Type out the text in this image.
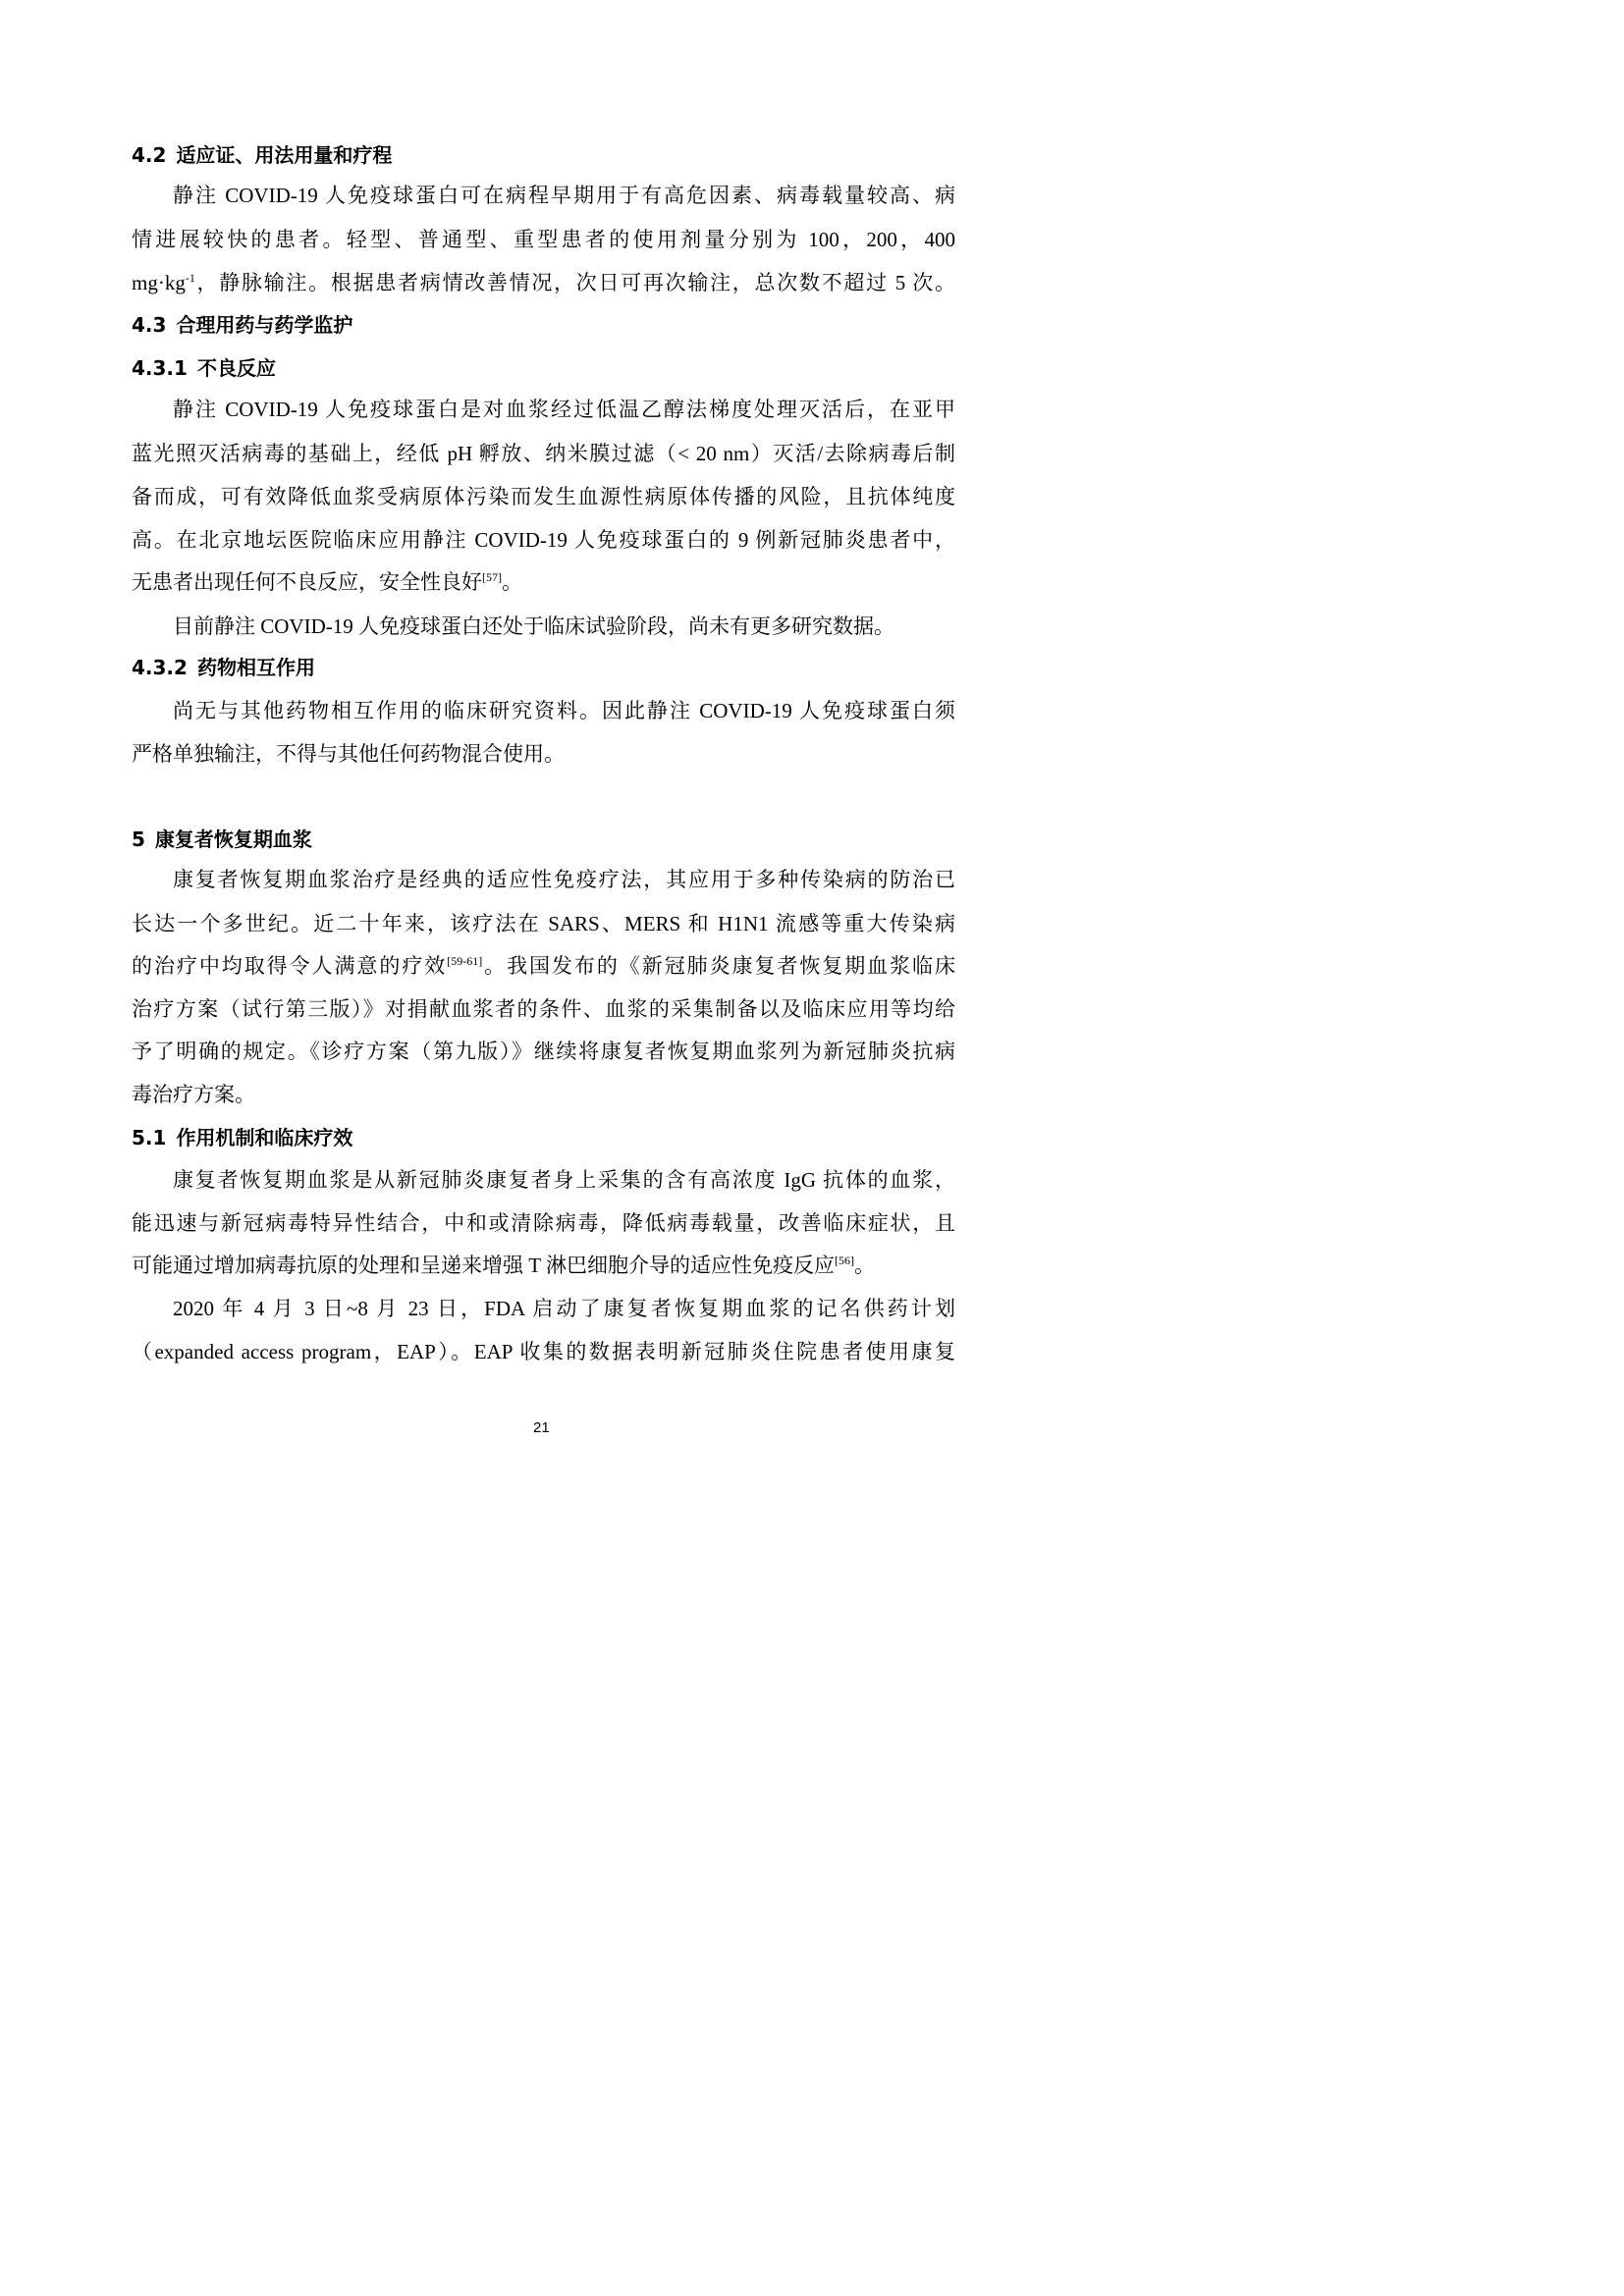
4.2 适应证、用法用量和疗程
静注 COVID-19 人免疫球蛋白可在病程早期用于有高危因素、病毒载量较高、病
情进展较快的患者。轻型、普通型、重型患者的使用剂量分别为 100，200，400
$mg\cdot kg^{-1}$，静脉输注。根据患者病情改善情况，次日可再次输注，总次数不超过 5 次。
4.3 合理用药与药学监护
4.3.1 不良反应
静注 COVID-19 人免疫球蛋白是对血浆经过低温乙醇法梯度处理灭活后，在亚甲
蓝光照灭活病毒的基础上，经低 pH 孵放、纳米膜过滤（< 20 nm）灭活/去除病毒后制
备而成，可有效降低血浆受病原体污染而发生血源性病原体传播的风险，且抗体纯度
高。在北京地坛医院临床应用静注 COVID-19 人免疫球蛋白的 9 例新冠肺炎患者中，
无患者出现任何不良反应，安全性良好[57]。
目前静注 COVID-19 人免疫球蛋白还处于临床试验阶段，尚未有更多研究数据。
4.3.2 药物相互作用
尚无与其他药物相互作用的临床研究资料。因此静注 COVID-19 人免疫球蛋白须
严格单独输注，不得与其他任何药物混合使用。
5 康复者恢复期血浆
康复者恢复期血浆治疗是经典的适应性免疫疗法，其应用于多种传染病的防治已
长达一个多世纪。近二十年来，该疗法在 SARS、MERS 和 H1N1 流感等重大传染病
的治疗中均取得令人满意的疗效[59-61]。我国发布的《新冠肺炎康复者恢复期血浆临床
治疗方案（试行第三版）》对捐献血浆者的条件、血浆的采集制备以及临床应用等均给
予了明确的规定。《诊疗方案（第九版）》继续将康复者恢复期血浆列为新冠肺炎抗病
毒治疗方案。
5.1 作用机制和临床疗效
康复者恢复期血浆是从新冠肺炎康复者身上采集的含有高浓度 IgG 抗体的血浆，
能迅速与新冠病毒特异性结合，中和或清除病毒，降低病毒载量，改善临床症状，且
可能通过增加病毒抗原的处理和呈递来增强 T 淋巴细胞介导的适应性免疫反应[56]。
2020 年 4 月 3 日~8 月 23 日，FDA 启动了康复者恢复期血浆的记名供药计划
（expanded access program，EAP）。EAP 收集的数据表明新冠肺炎住院患者使用康复
21
